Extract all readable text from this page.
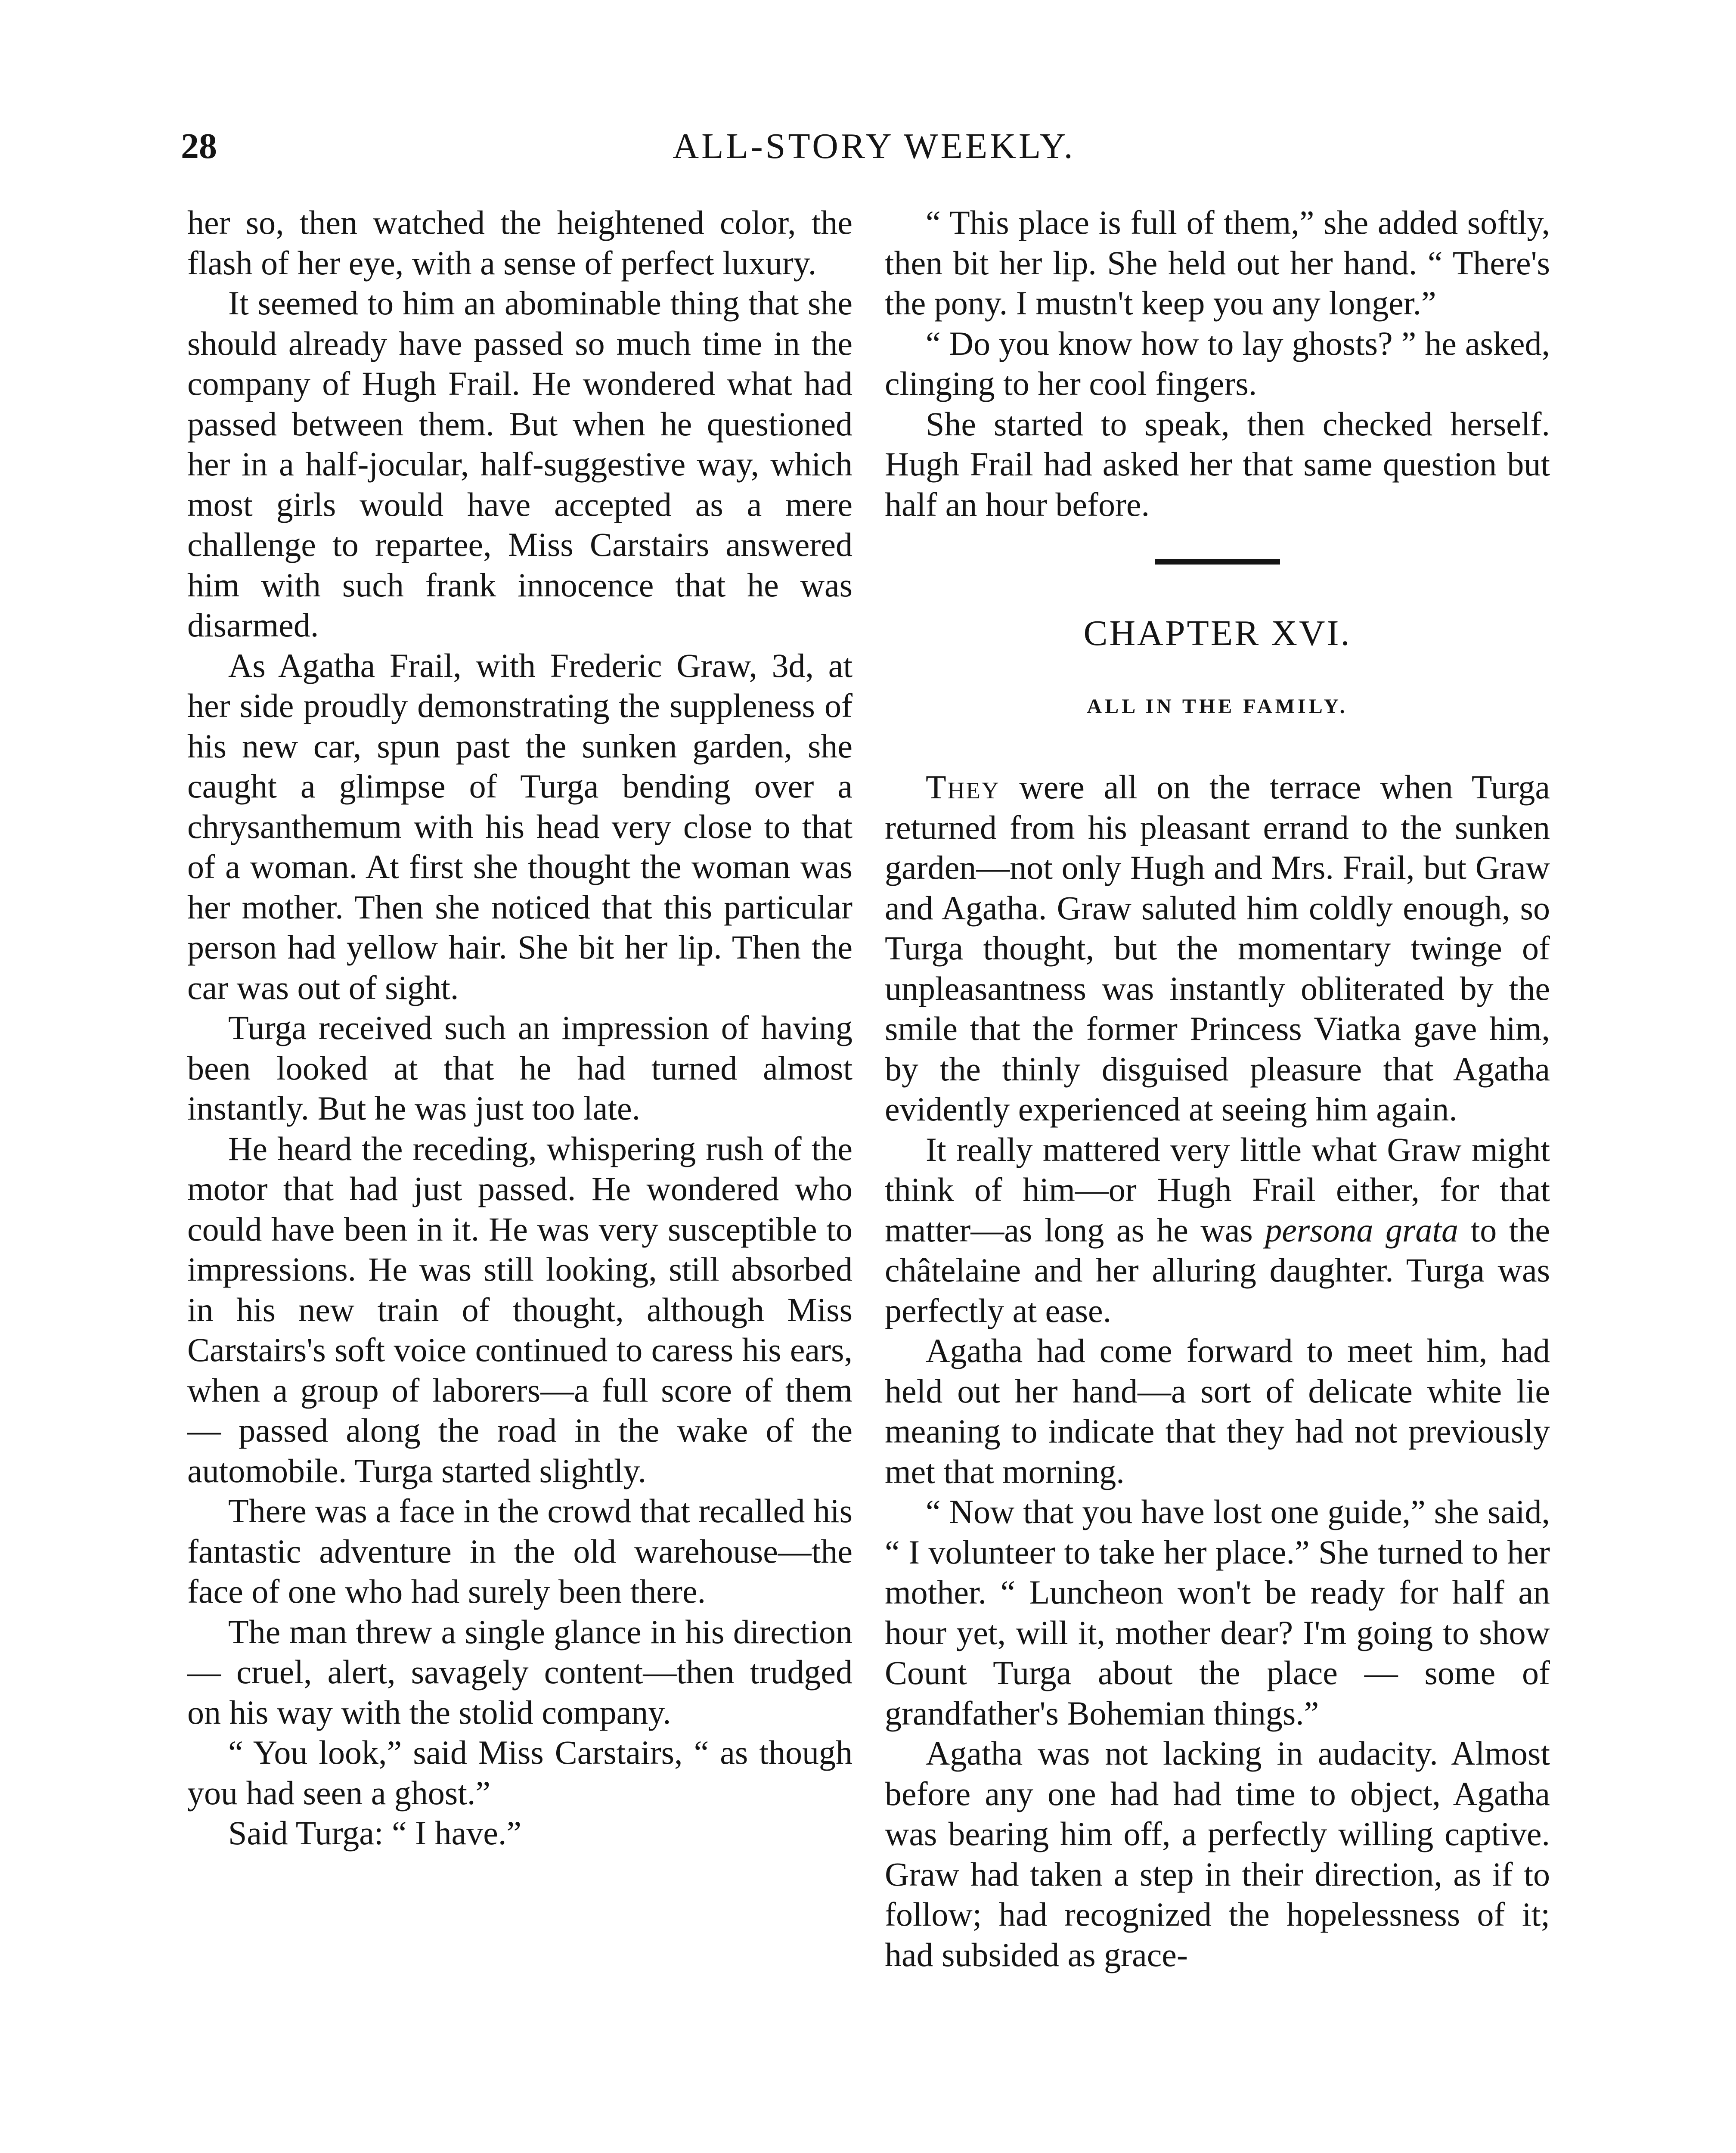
28	ALL-STORY WEEKLY.

her so, then watched the heightened color, the flash of her eye, with a sense of perfect luxury.

It seemed to him an abominable thing that she should already have passed so much time in the company of Hugh Frail. He wondered what had passed between them. But when he questioned her in a half-jocular, half-suggestive way, which most girls would have accepted as a mere challenge to repartee, Miss Carstairs answered him with such frank innocence that he was disarmed.

As Agatha Frail, with Frederic Graw, 3d, at her side proudly demonstrating the suppleness of his new car, spun past the sunken garden, she caught a glimpse of Turga bending over a chrysanthemum with his head very close to that of a woman. At first she thought the woman was her mother. Then she noticed that this particular person had yellow hair. She bit her lip. Then the car was out of sight.

Turga received such an impression of having been looked at that he had turned almost instantly. But he was just too late.

He heard the receding, whispering rush of the motor that had just passed. He wondered who could have been in it. He was very susceptible to impressions. He was still looking, still absorbed in his new train of thought, although Miss Carstairs's soft voice continued to caress his ears, when a group of laborers—a full score of them — passed along the road in the wake of the automobile. Turga started slightly.

There was a face in the crowd that recalled his fantastic adventure in the old warehouse—the face of one who had surely been there.

The man threw a single glance in his direction — cruel, alert, savagely content—then trudged on his way with the stolid company.

“ You look,” said Miss Carstairs, “ as though you had seen a ghost.”

Said Turga: “ I have.”

“ This place is full of them,” she added softly, then bit her lip. She held out her hand. “ There's the pony. I mustn't keep you any longer.”

“ Do you know how to lay ghosts? ” he asked, clinging to her cool fingers.

She started to speak, then checked herself. Hugh Frail had asked her that same question but half an hour before.

CHAPTER XVI.
ALL IN THE FAMILY.

They were all on the terrace when Turga returned from his pleasant errand to the sunken garden—not only Hugh and Mrs. Frail, but Graw and Agatha. Graw saluted him coldly enough, so Turga thought, but the momentary twinge of unpleasantness was instantly obliterated by the smile that the former Princess Viatka gave him, by the thinly disguised pleasure that Agatha evidently experienced at seeing him again.

It really mattered very little what Graw might think of him—or Hugh Frail either, for that matter—as long as he was persona grata to the châtelaine and her alluring daughter. Turga was perfectly at ease.

Agatha had come forward to meet him, had held out her hand—a sort of delicate white lie meaning to indicate that they had not previously met that morning.

“ Now that you have lost one guide,” she said, “ I volunteer to take her place.” She turned to her mother. “ Luncheon won't be ready for half an hour yet, will it, mother dear? I'm going to show Count Turga about the place — some of grandfather's Bohemian things.”

Agatha was not lacking in audacity. Almost before any one had had time to object, Agatha was bearing him off, a perfectly willing captive. Graw had taken a step in their direction, as if to follow; had recognized the hopelessness of it; had subsided as grace-
